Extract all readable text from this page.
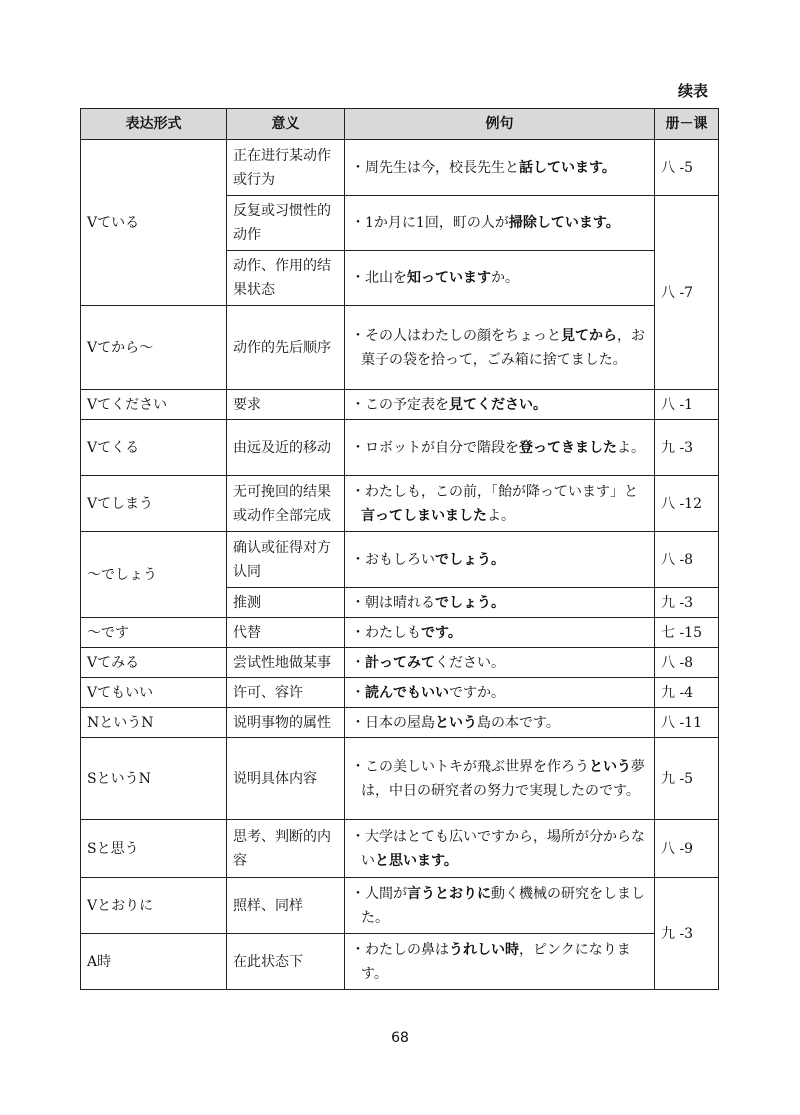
续表
表达形式	意义	例句	册－课
Vている	正在进行某动作或行为	・周先生は今，校長先生と話しています。	八 -5
	反复或习惯性的动作	・1か月に1回，町の人が掃除しています。	八 -7
	动作、作用的结果状态	・北山を知っていますか。	

Vてから～	动作的先后顺序	・その人はわたしの顔をちょっと見てから，お菓子の袋を拾って，ごみ箱に捨てました。	

Vてください	要求	・この予定表を見てください。	八 -1
Vてくる	由远及近的移动	・ロボットが自分で階段を登ってきましたよ。	九 -3
Vてしまう	无可挽回的结果或动作全部完成	・わたしも，この前，「飴が降っています」と言ってしまいましたよ。	八 -12
～でしょう	确认或征得对方认同	・おもしろいでしょう。	八 -8
	推测	・朝は晴れるでしょう。	九 -3
～です	代替	・わたしもです。	七 -15
Vてみる	尝试性地做某事	・計ってみてください。	八 -8
Vてもいい	许可、容许	・読んでもいいですか。	九 -4
NというN	说明事物的属性	・日本の屋島という島の本です。	八 -11
SというN	说明具体内容	・この美しいトキが飛ぶ世界を作ろうという夢は，中日の研究者の努力で実現したのです。	九 -5
Sと思う	思考、判断的内容	・大学はとても広いですから，場所が分からないと思います。	八 -9
Vとおりに	照样、同样	・人間が言うとおりに動く機械の研究をしました。	九 -3
A時	在此状态下	・わたしの鼻はうれしい時，ピンクになります。	
68
